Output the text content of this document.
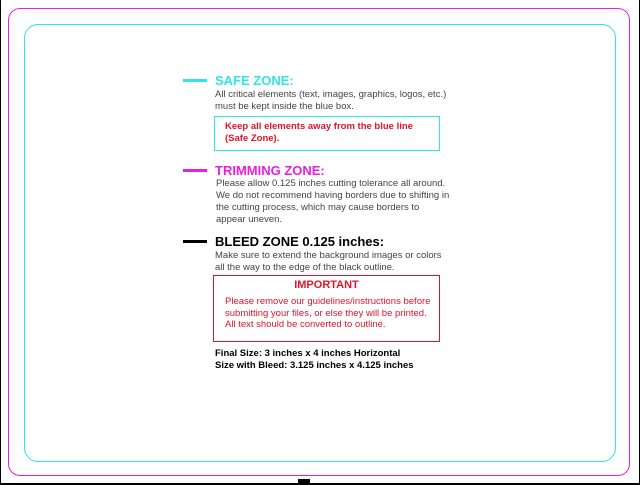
SAFE ZONE:
All critical elements (text, images, graphics, logos, etc.)
must be kept inside the blue box.
Keep all elements away from the blue line
(Safe Zone).
TRIMMING ZONE:
Please allow 0.125 inches cutting tolerance all around.
We do not recommend having borders due to shifting in
the cutting process, which may cause borders to
appear uneven.
BLEED ZONE 0.125 inches:
Make sure to extend the background images or colors
all the way to the edge of the black outline.
IMPORTANT
Please remove our guidelines/instructions before
submitting your files, or else they will be printed.
All text should be converted to outline.
Final Size: 3 inches x 4 inches Horizontal
Size with Bleed: 3.125 inches x 4.125 inches
